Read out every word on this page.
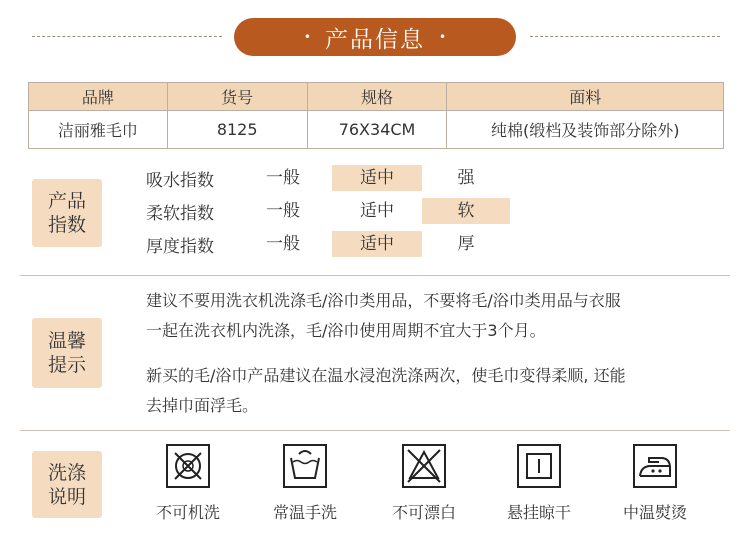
• 产品信息 •
品牌	货号	规格	面料
洁丽雅毛巾	8125	76X34CM	纯棉(缎档及装饰部分除外)
产品
指数
吸水指数	一般	适中	强
柔软指数	一般	适中	软
厚度指数	一般	适中	厚
温馨
提示
建议不要用洗衣机洗涤毛/浴巾类用品，不要将毛/浴巾类用品与衣服
一起在洗衣机内洗涤，毛/浴巾使用周期不宜大于3个月。
新买的毛/浴巾产品建议在温水浸泡洗涤两次，使毛巾变得柔顺, 还能
去掉巾面浮毛。
洗涤
说明
不可机洗	常温手洗	不可漂白	悬挂晾干	中温熨烫
